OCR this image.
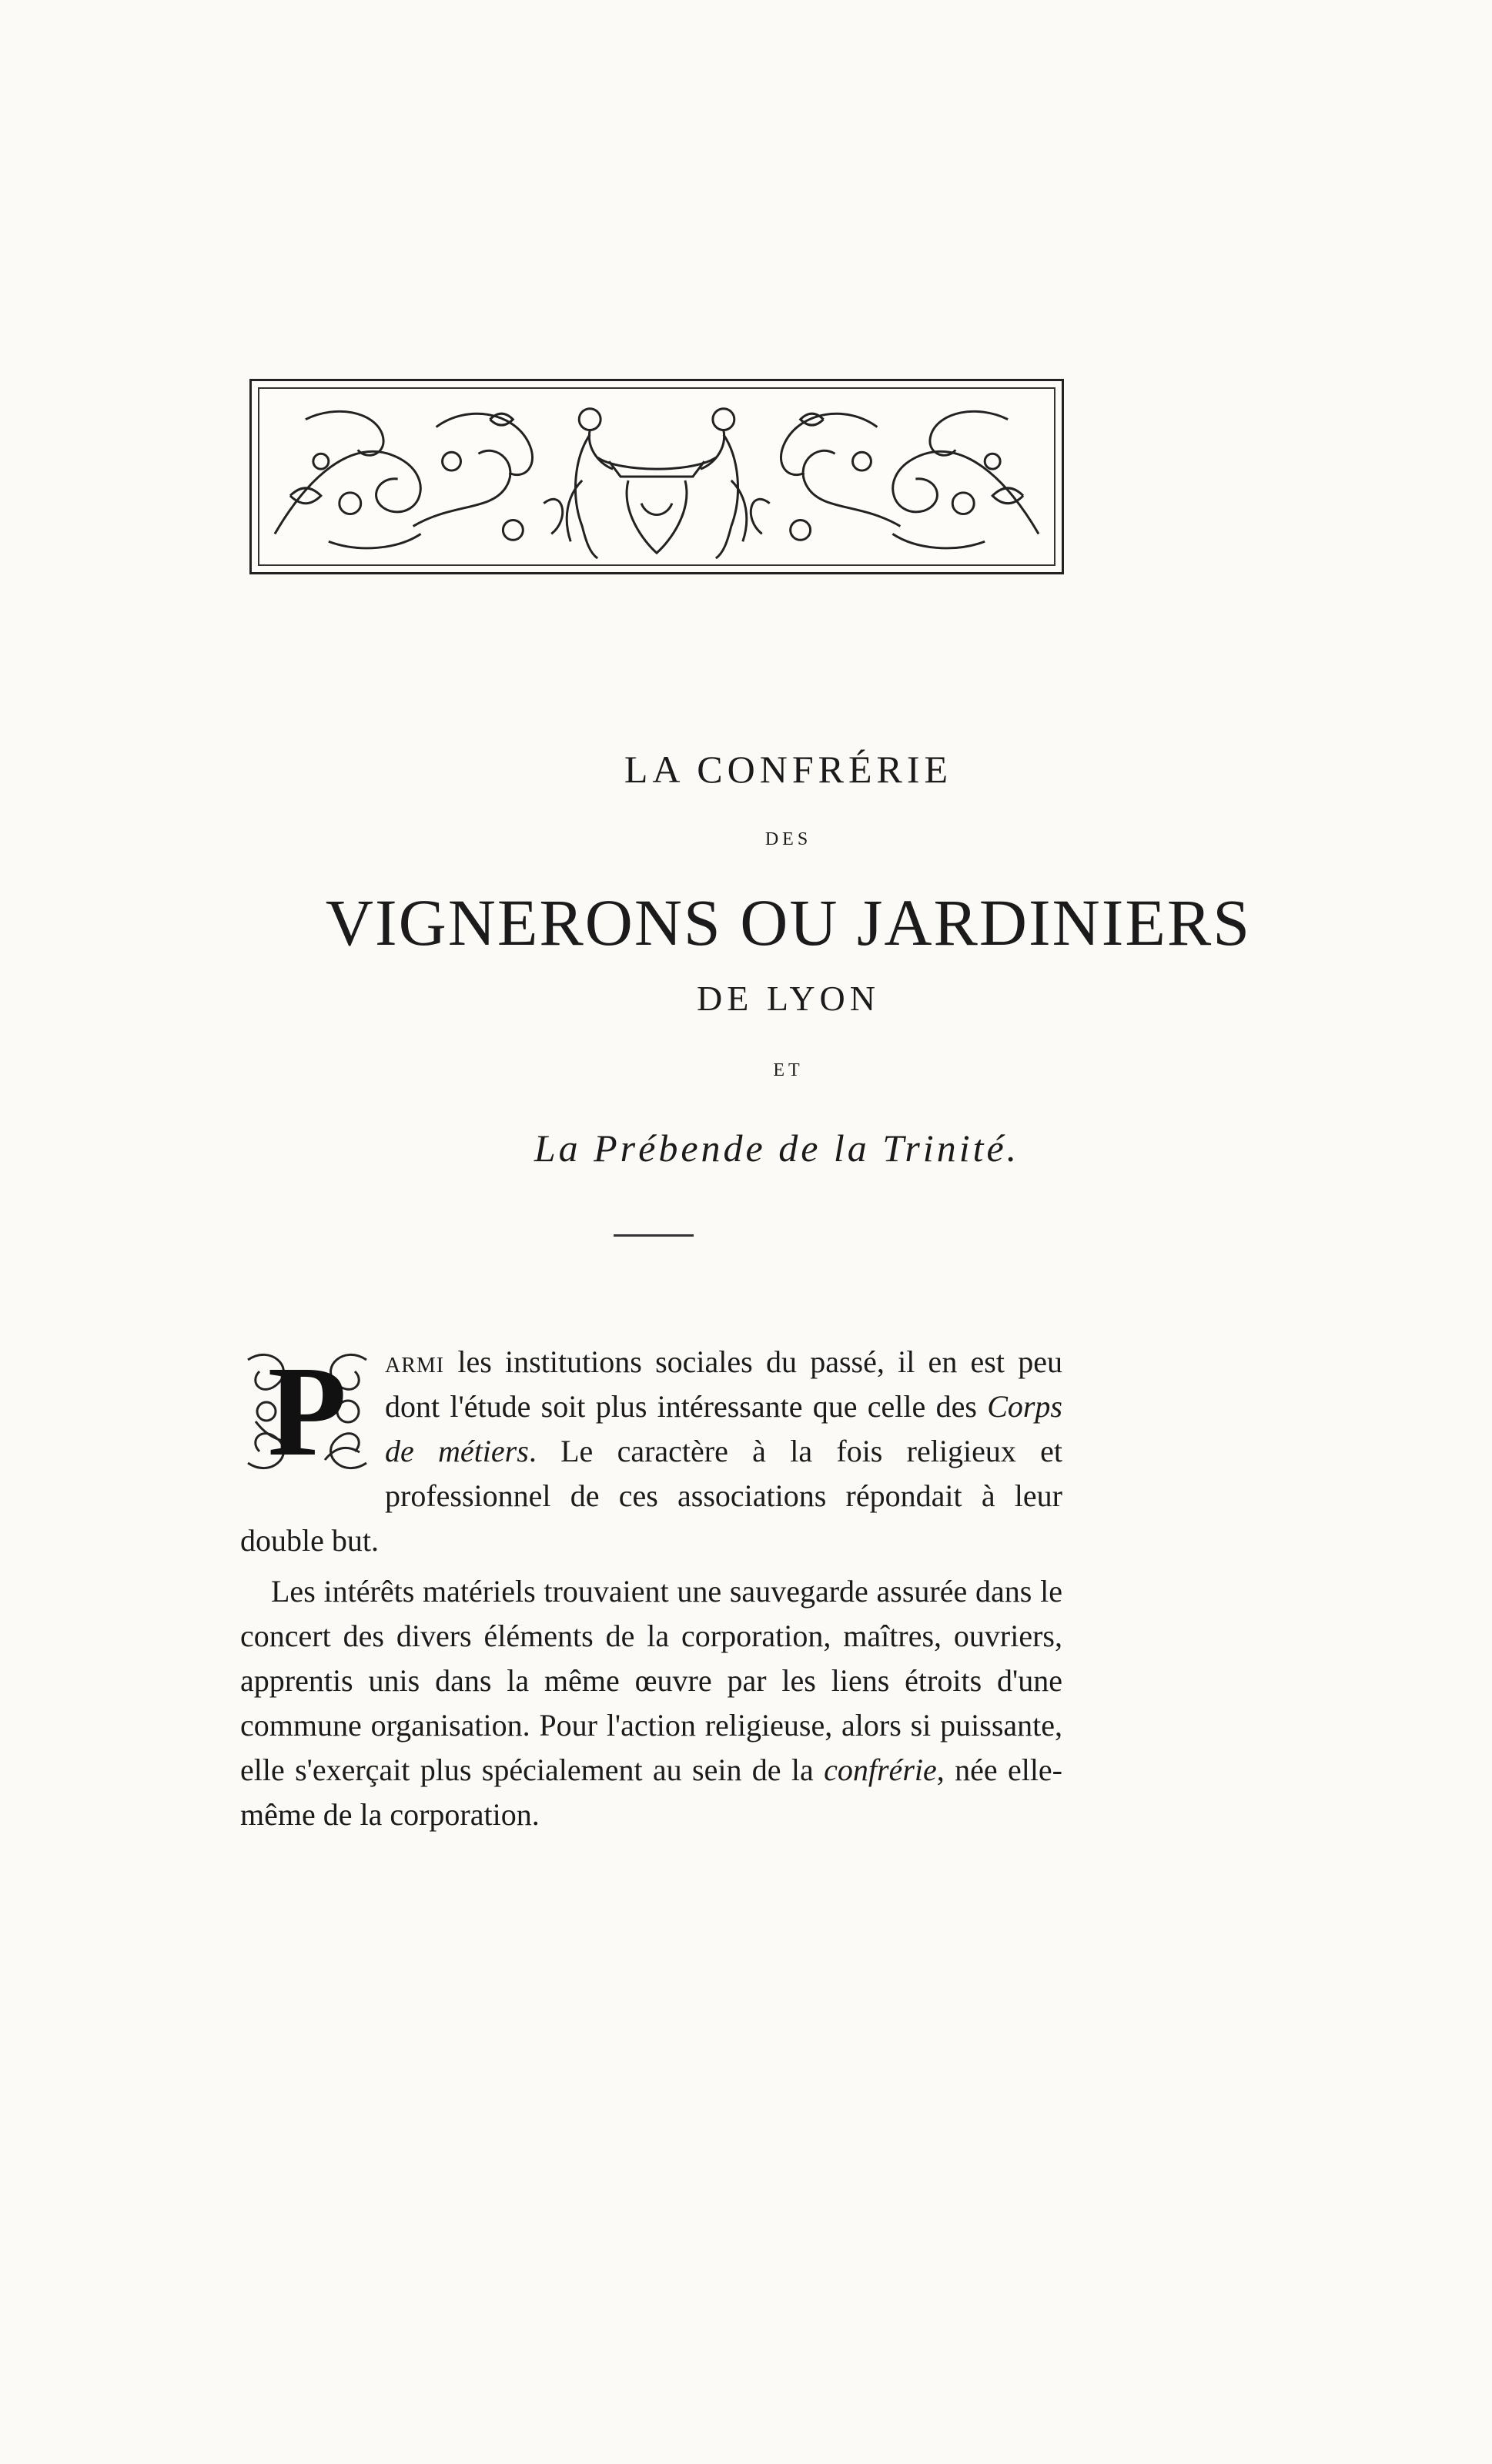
LA CONFRÉRIE
DES
VIGNERONS OU JARDINIERS
DE LYON
ET
La Prébende de la Trinité.

P	armi les institutions sociales du passé, il en est peu dont l'étude soit plus intéressante que celle des Corps de métiers. Le caractère à la fois religieux et professionnel de ces associations répondait à leur double but.

Les intérêts matériels trouvaient une sauvegarde assurée dans le concert des divers éléments de la corporation, maîtres, ouvriers, apprentis unis dans la même œuvre par les liens étroits d'une commune organisation. Pour l'action religieuse, alors si puissante, elle s'exerçait plus spécialement au sein de la confrérie, née elle-même de la corporation.
